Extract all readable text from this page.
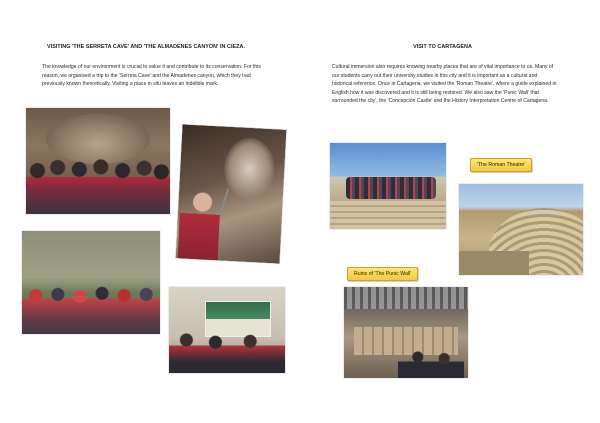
VISITING 'THE SERRETA CAVE' AND 'THE ALMADENES CANYON' IN CIEZA.

The knowledge of our environment is crucial to value it and contribute to its conservation. For this reason, we organised a trip to the 'Serreta Cave' and the Almadenes canyon, which they had previously known theoretically. Visiting a place in situ leaves an indelible mark.

VISIT TO CARTAGENA

Cultural immersion also requires knowing nearby places that are of vital importance to us. Many of our students carry out their university studies in this city and it is important as a cultural and historical reference. Once in Cartagena, we visited the 'Roman Theatre', where a guide explained in English how it was discovered and it is still being restored. We also saw the 'Punic Wall' that surrounded the city', the 'Concepción Castle' and the History Interpretation Centre of Cartagena.

'The Roman Theatre'
Ruins of 'The Punic Wall'
